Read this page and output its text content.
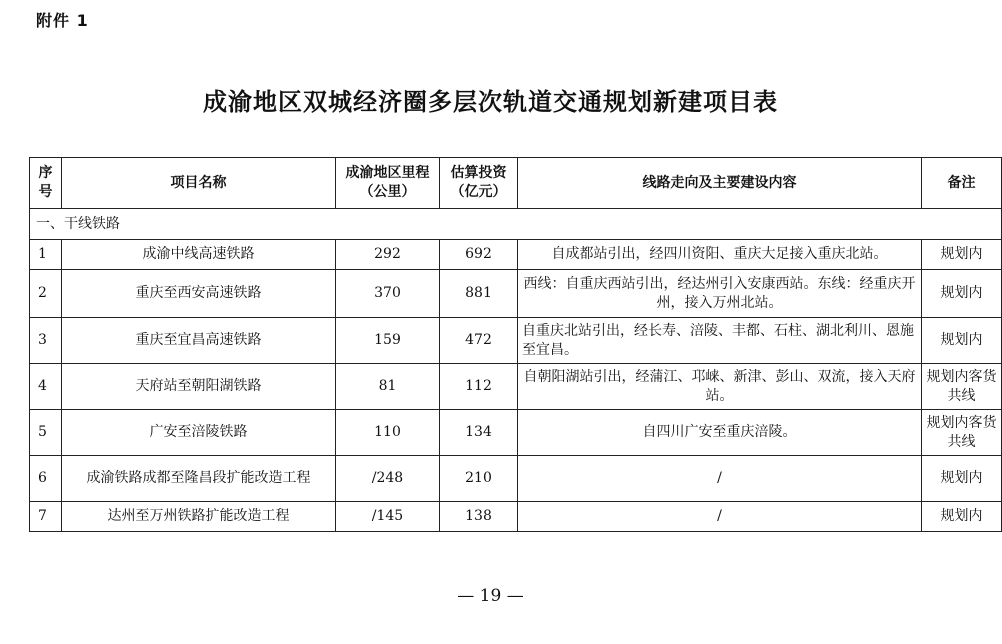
附件 1
成渝地区双城经济圈多层次轨道交通规划新建项目表
序号	项目名称	成渝地区里程（公里）	估算投资（亿元）	线路走向及主要建设内容	备注
一、干线铁路					
1	成渝中线高速铁路	292	692	自成都站引出，经四川资阳、重庆大足接入重庆北站。	规划内
2	重庆至西安高速铁路	370	881	西线：自重庆西站引出，经达州引入安康西站。东线：经重庆开州，接入万州北站。	规划内
3	重庆至宜昌高速铁路	159	472	自重庆北站引出，经长寿、涪陵、丰都、石柱、湖北利川、恩施至宜昌。	规划内
4	天府站至朝阳湖铁路	81	112	自朝阳湖站引出，经蒲江、邛崃、新津、彭山、双流，接入天府站。	规划内客货共线
5	广安至涪陵铁路	110	134	自四川广安至重庆涪陵。	规划内客货共线
6	成渝铁路成都至隆昌段扩能改造工程	/248	210	/	规划内
7	达州至万州铁路扩能改造工程	/145	138	/	规划内
— 19 —
